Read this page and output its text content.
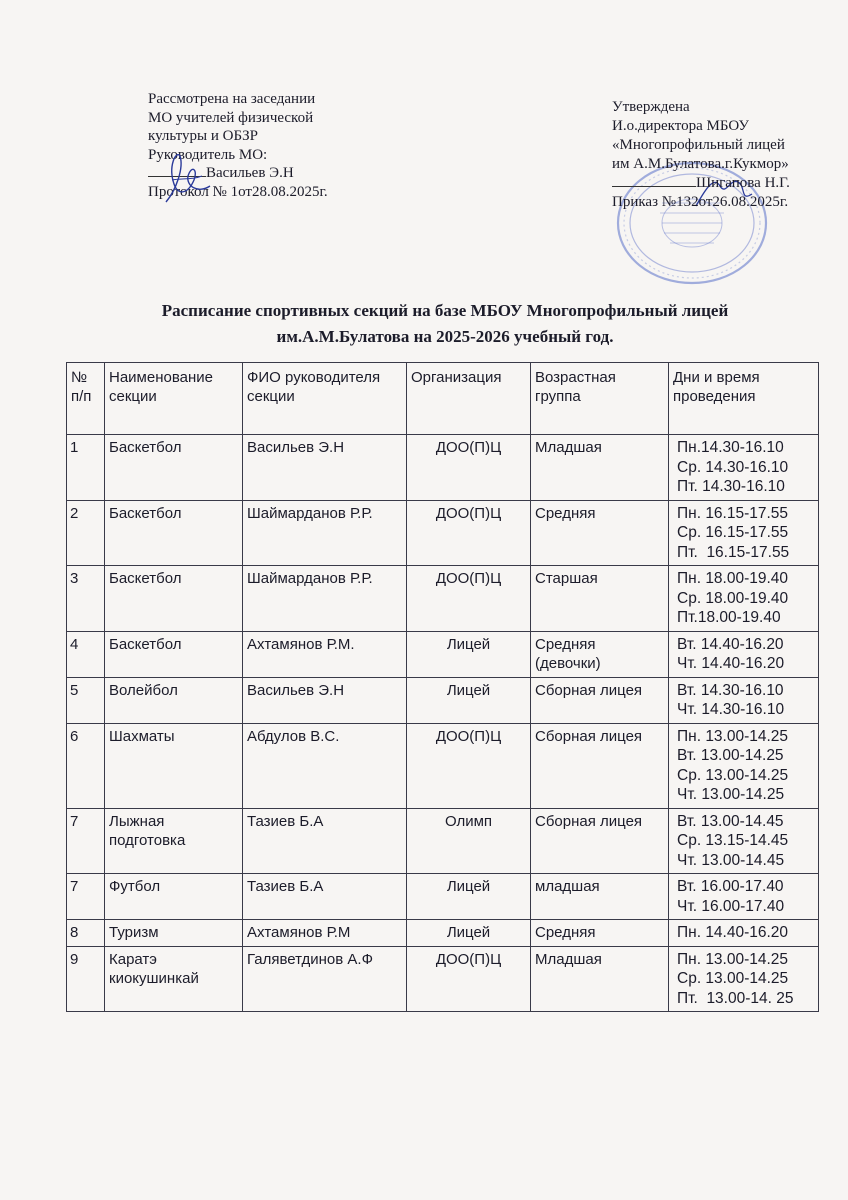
Рассмотрена на заседании
МО учителей физической
культуры и ОБЗР
Руководитель МО:
Васильев Э.Н
Протокол № 1от28.08.2025г.
Утверждена
И.о.директора МБОУ
«Многопрофильный лицей
им А.М.Булатова.г.Кукмор»
Шигапова Н.Г.
Приказ №132от26.08.2025г.
Расписание спортивных секций на базе МБОУ Многопрофильный лицей
им.А.М.Булатова на 2025-2026 учебный год.
№ п/п	Наименование секции	ФИО руководителя секции	Организация	Возрастная группа	Дни и время проведения
1	Баскетбол	Васильев Э.Н	ДОО(П)Ц	Младшая	Пн.14.30-16.10
Ср. 14.30-16.10
Пт. 14.30-16.10

2	Баскетбол	Шаймарданов Р.Р.	ДОО(П)Ц	Средняя	Пн. 16.15-17.55
Ср. 16.15-17.55
Пт.  16.15-17.55

3	Баскетбол	Шаймарданов Р.Р.	ДОО(П)Ц	Старшая	Пн. 18.00-19.40
Ср. 18.00-19.40
Пт.18.00-19.40

4	Баскетбол	Ахтамянов Р.М.	Лицей	Средняя (девочки)	Вт. 14.40-16.20
Чт. 14.40-16.20

5	Волейбол	Васильев Э.Н	Лицей	Сборная лицея	Вт. 14.30-16.10
Чт. 14.30-16.10

6	Шахматы	Абдулов В.С.	ДОО(П)Ц	Сборная лицея	Пн. 13.00-14.25
Вт. 13.00-14.25
Ср. 13.00-14.25
Чт. 13.00-14.25

7	Лыжная подготовка	Тазиев Б.А	Олимп	Сборная лицея	Вт. 13.00-14.45
Ср. 13.15-14.45
Чт. 13.00-14.45

7	Футбол	Тазиев Б.А	Лицей	младшая	Вт. 16.00-17.40
Чт. 16.00-17.40

8	Туризм	Ахтамянов Р.М	Лицей	Средняя	Пн. 14.40-16.20

9	Каратэ киокушинкай	Галяветдинов А.Ф	ДОО(П)Ц	Младшая	Пн. 13.00-14.25
Ср. 13.00-14.25
Пт.  13.00-14. 25
